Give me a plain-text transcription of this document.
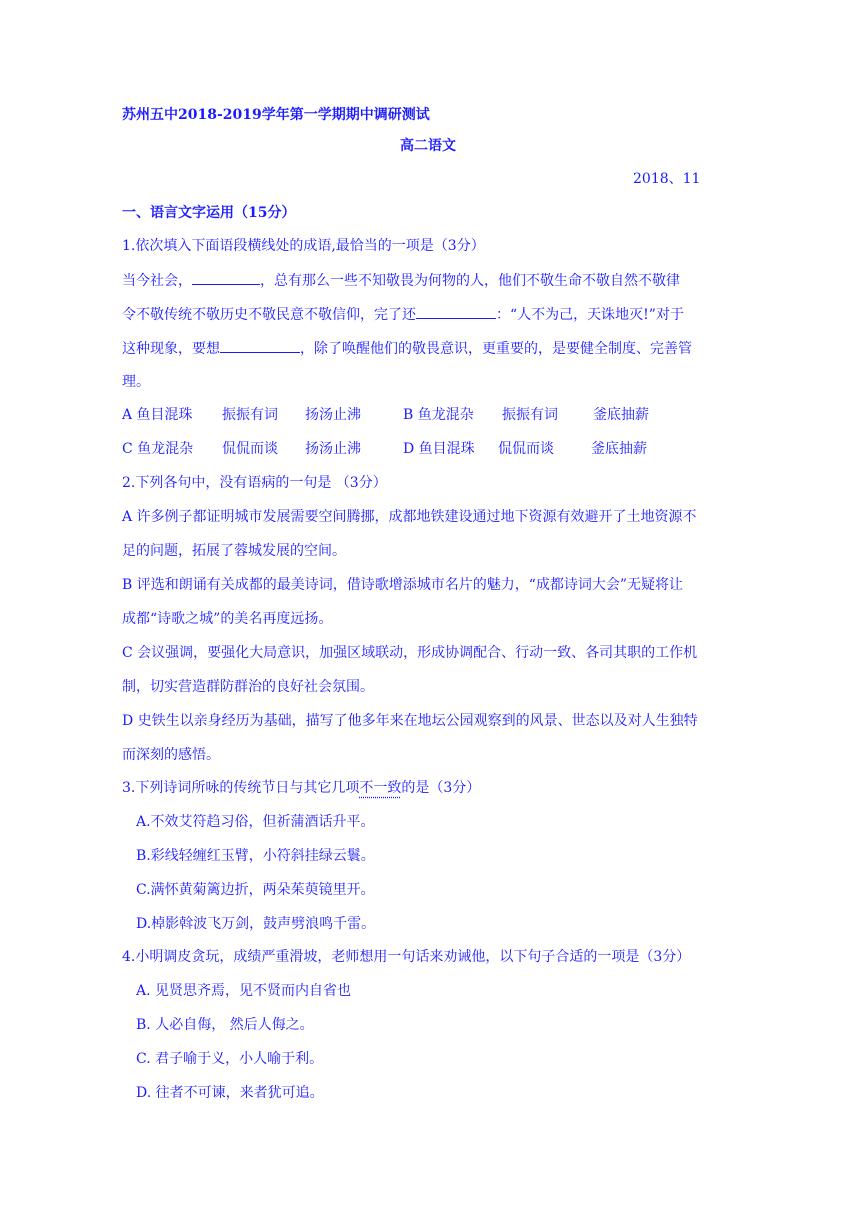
苏州五中2018-2019学年第一学期期中调研测试
高二语文
2018、11
一、语言文字运用（15分）
1.依次填入下面语段横线处的成语,最恰当的一项是（3分）
当今社会，	，总有那么一些不知敬畏为何物的人，他们不敬生命不敬自然不敬律
令不敬传统不敬历史不敬民意不敬信仰，完了还	：“人不为己，天诛地灭!”对于
这种现象，要想	，除了唤醒他们的敬畏意识，更重要的，是要健全制度、完善管
理。
A 鱼目混珠 振振有词 扬汤止沸	B 鱼龙混杂 振振有词	釜底抽薪
C 鱼龙混杂 侃侃而谈 扬汤止沸	D 鱼目混珠 侃侃而谈	釜底抽薪
2.下列各句中，没有语病的一句是 （3分）
A 许多例子都证明城市发展需要空间腾挪，成都地铁建设通过地下资源有效避开了土地资源不
足的问题，拓展了蓉城发展的空间。
B 评选和朗诵有关成都的最美诗词，借诗歌增添城市名片的魅力，“成都诗词大会”无疑将让
成都“诗歌之城”的美名再度远扬。
C 会议强调，要强化大局意识，加强区域联动，形成协调配合、行动一致、各司其职的工作机
制，切实营造群防群治的良好社会氛围。
D 史铁生以亲身经历为基础，描写了他多年来在地坛公园观察到的风景、世态以及对人生独特
而深刻的感悟。
3.下列诗词所咏的传统节日与其它几项不一致的是（3分）
A.不效艾符趋习俗，但祈蒲酒话升平。
B.彩线轻缠红玉臂，小符斜挂绿云鬟。
C.满怀黄菊篱边折，两朵茱萸镜里开。
D.棹影斡波飞万剑，鼓声劈浪鸣千雷。
4.小明调皮贪玩，成绩严重滑坡，老师想用一句话来劝诫他，以下句子合适的一项是（3分）
A. 见贤思齐焉，见不贤而内自省也
B. 人必自侮， 然后人侮之。
C. 君子喻于义，小人喻于利。
D. 往者不可谏，来者犹可追。
